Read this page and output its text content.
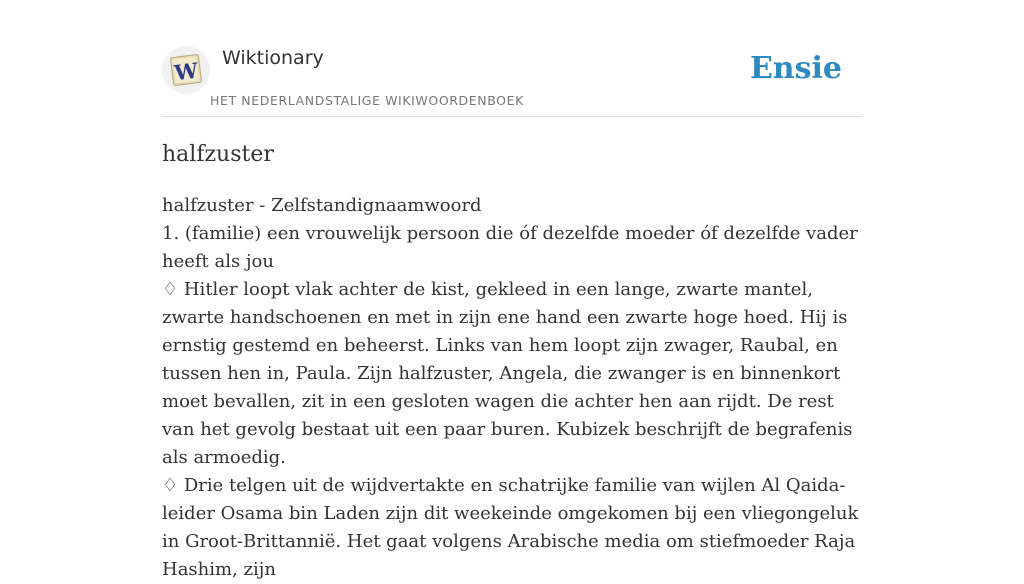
W Wiktionary
HET NEDERLANDSTALIGE WIKIWOORDENBOEK
Ensie
halfzuster
halfzuster - Zelfstandignaamwoord
1. (familie) een vrouwelijk persoon die óf dezelfde moeder óf dezelfde vader heeft als jou
♢ Hitler loopt vlak achter de kist, gekleed in een lange, zwarte mantel, zwarte handschoenen en met in zijn ene hand een zwarte hoge hoed. Hij is ernstig gestemd en beheerst. Links van hem loopt zijn zwager, Raubal, en tussen hen in, Paula. Zijn halfzuster, Angela, die zwanger is en binnenkort moet bevallen, zit in een gesloten wagen die achter hen aan rijdt. De rest van het gevolg bestaat uit een paar buren. Kubizek beschrijft de begrafenis als armoedig.
♢ Drie telgen uit de wijdvertakte en schatrijke familie van wijlen Al Qaida-leider Osama bin Laden zijn dit weekeinde omgekomen bij een vliegongeluk in Groot-Brittannië. Het gaat volgens Arabische media om stiefmoeder Raja Hashim, zijn
